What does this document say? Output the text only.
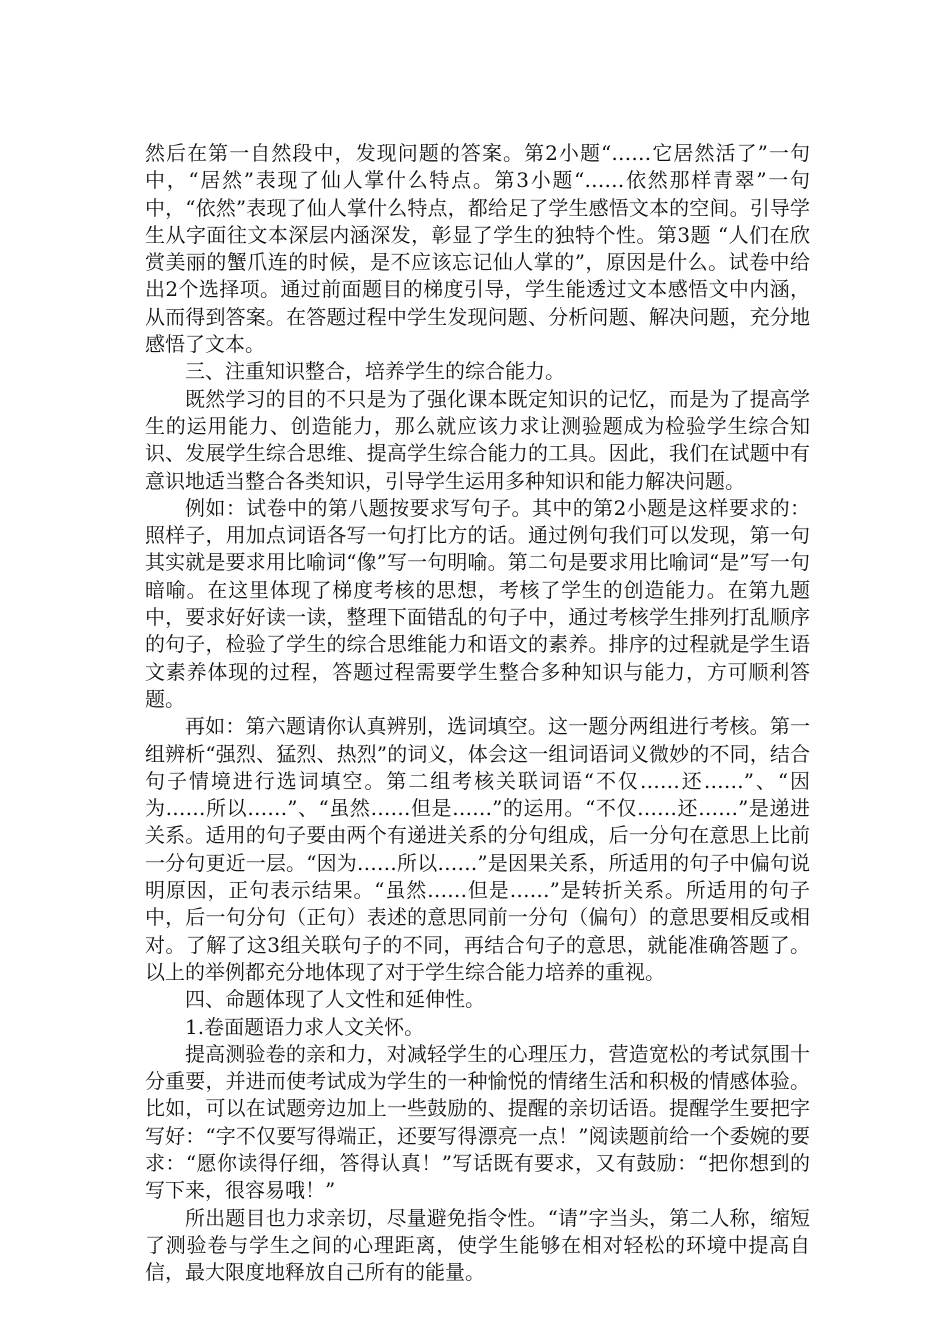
然后在第一自然段中，发现问题的答案。第2小题“……它居然活了”一句中，“居然”表现了仙人掌什么特点。第3小题“……依然那样青翠”一句中，“依然”表现了仙人掌什么特点，都给足了学生感悟文本的空间。引导学生从字面往文本深层内涵深发，彰显了学生的独特个性。第3题 “人们在欣赏美丽的蟹爪连的时候，是不应该忘记仙人掌的”，原因是什么。试卷中给出2个选择项。通过前面题目的梯度引导，学生能透过文本感悟文中内涵，从而得到答案。在答题过程中学生发现问题、分析问题、解决问题，充分地感悟了文本。

三、注重知识整合，培养学生的综合能力。

既然学习的目的不只是为了强化课本既定知识的记忆，而是为了提高学生的运用能力、创造能力，那么就应该力求让测验题成为检验学生综合知识、发展学生综合思维、提高学生综合能力的工具。因此，我们在试题中有意识地适当整合各类知识，引导学生运用多种知识和能力解决问题。

例如：试卷中的第八题按要求写句子。其中的第2小题是这样要求的：照样子，用加点词语各写一句打比方的话。通过例句我们可以发现，第一句其实就是要求用比喻词“像”写一句明喻。第二句是要求用比喻词“是”写一句暗喻。在这里体现了梯度考核的思想，考核了学生的创造能力。在第九题中，要求好好读一读，整理下面错乱的句子中，通过考核学生排列打乱顺序的句子，检验了学生的综合思维能力和语文的素养。排序的过程就是学生语文素养体现的过程，答题过程需要学生整合多种知识与能力，方可顺利答题。

再如：第六题请你认真辨别，选词填空。这一题分两组进行考核。第一组辨析“强烈、猛烈、热烈”的词义，体会这一组词语词义微妙的不同，结合句子情境进行选词填空。第二组考核关联词语“不仅……还……”、“因为……所以……”、“虽然……但是……”的运用。“不仅……还……”是递进关系。适用的句子要由两个有递进关系的分句组成，后一分句在意思上比前一分句更近一层。“因为……所以……”是因果关系，所适用的句子中偏句说明原因，正句表示结果。“虽然……但是……”是转折关系。所适用的句子中，后一句分句（正句）表述的意思同前一分句（偏句）的意思要相反或相对。了解了这3组关联句子的不同，再结合句子的意思，就能准确答题了。以上的举例都充分地体现了对于学生综合能力培养的重视。

四、命题体现了人文性和延伸性。

1.卷面题语力求人文关怀。

提高测验卷的亲和力，对减轻学生的心理压力，营造宽松的考试氛围十分重要，并进而使考试成为学生的一种愉悦的情绪生活和积极的情感体验。比如，可以在试题旁边加上一些鼓励的、提醒的亲切话语。提醒学生要把字写好：“字不仅要写得端正，还要写得漂亮一点！”阅读题前给一个委婉的要求：“愿你读得仔细，答得认真！”写话既有要求，又有鼓励：“把你想到的写下来，很容易哦！”

所出题目也力求亲切，尽量避免指令性。“请”字当头，第二人称，缩短了测验卷与学生之间的心理距离，使学生能够在相对轻松的环境中提高自信，最大限度地释放自己所有的能量。
